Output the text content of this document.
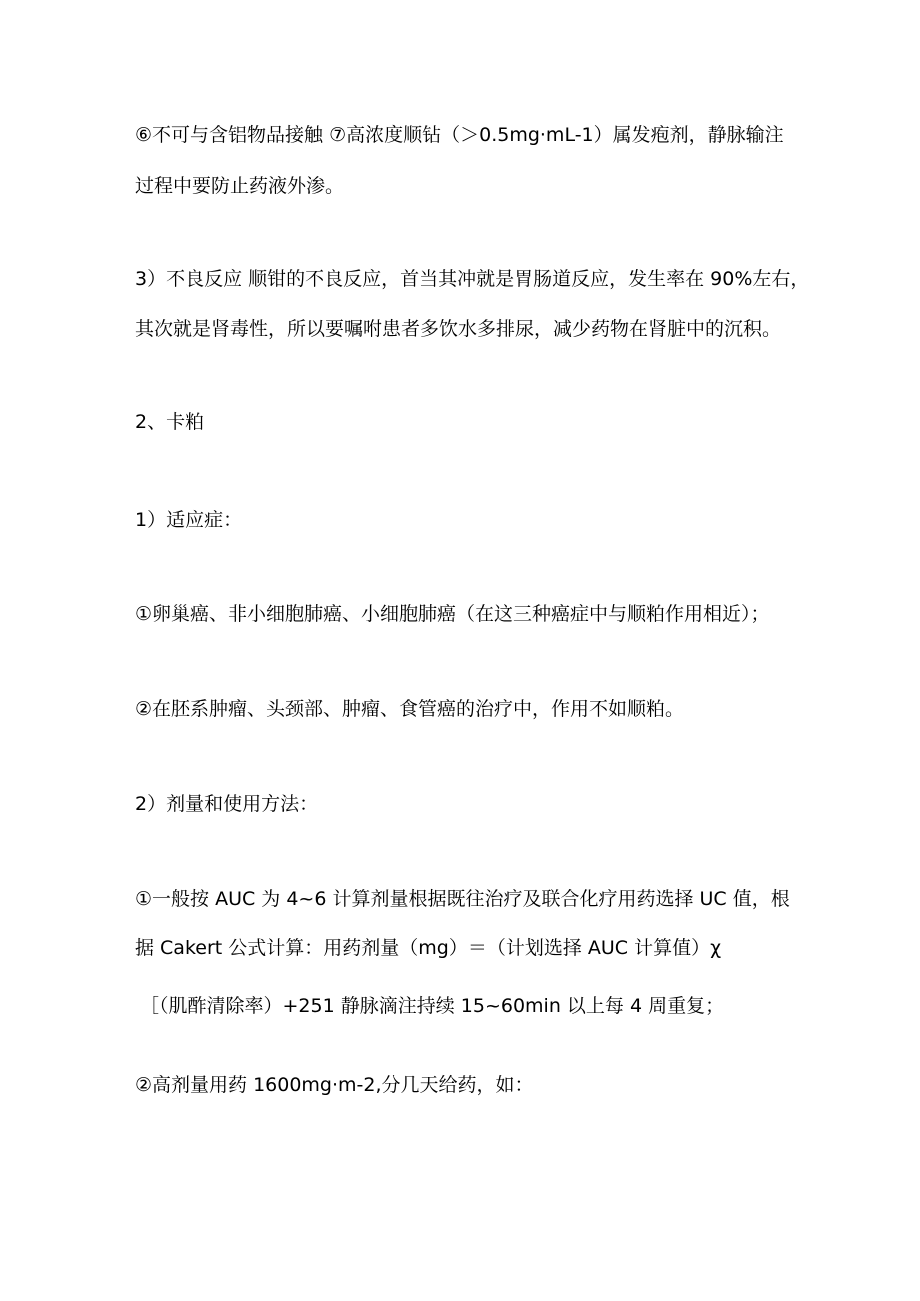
⑥不可与含铝物品接触 ⑦高浓度顺钻（＞0.5mg·mL-1）属发疱剂，静脉输注
过程中要防止药液外渗。
3）不良反应 顺钳的不良反应，首当其冲就是胃肠道反应，发生率在 90%左右，
其次就是肾毒性，所以要嘱咐患者多饮水多排尿，减少药物在肾脏中的沉积。
2、卡粕
1）适应症：
①卵巢癌、非小细胞肺癌、小细胞肺癌（在这三种癌症中与顺粕作用相近）；
②在胚系肿瘤、头颈部、肿瘤、食管癌的治疗中，作用不如顺粕。
2）剂量和使用方法：
①一般按 AUC 为 4~6 计算剂量根据既往治疗及联合化疗用药选择 UC 值，根
据 Cakert 公式计算：用药剂量（mg）＝（计划选择 AUC 计算值）χ
［（肌酢清除率）+251 静脉滴注持续 15~60min 以上每 4 周重复；
②高剂量用药 1600mg·m-2,分几天给药，如：
